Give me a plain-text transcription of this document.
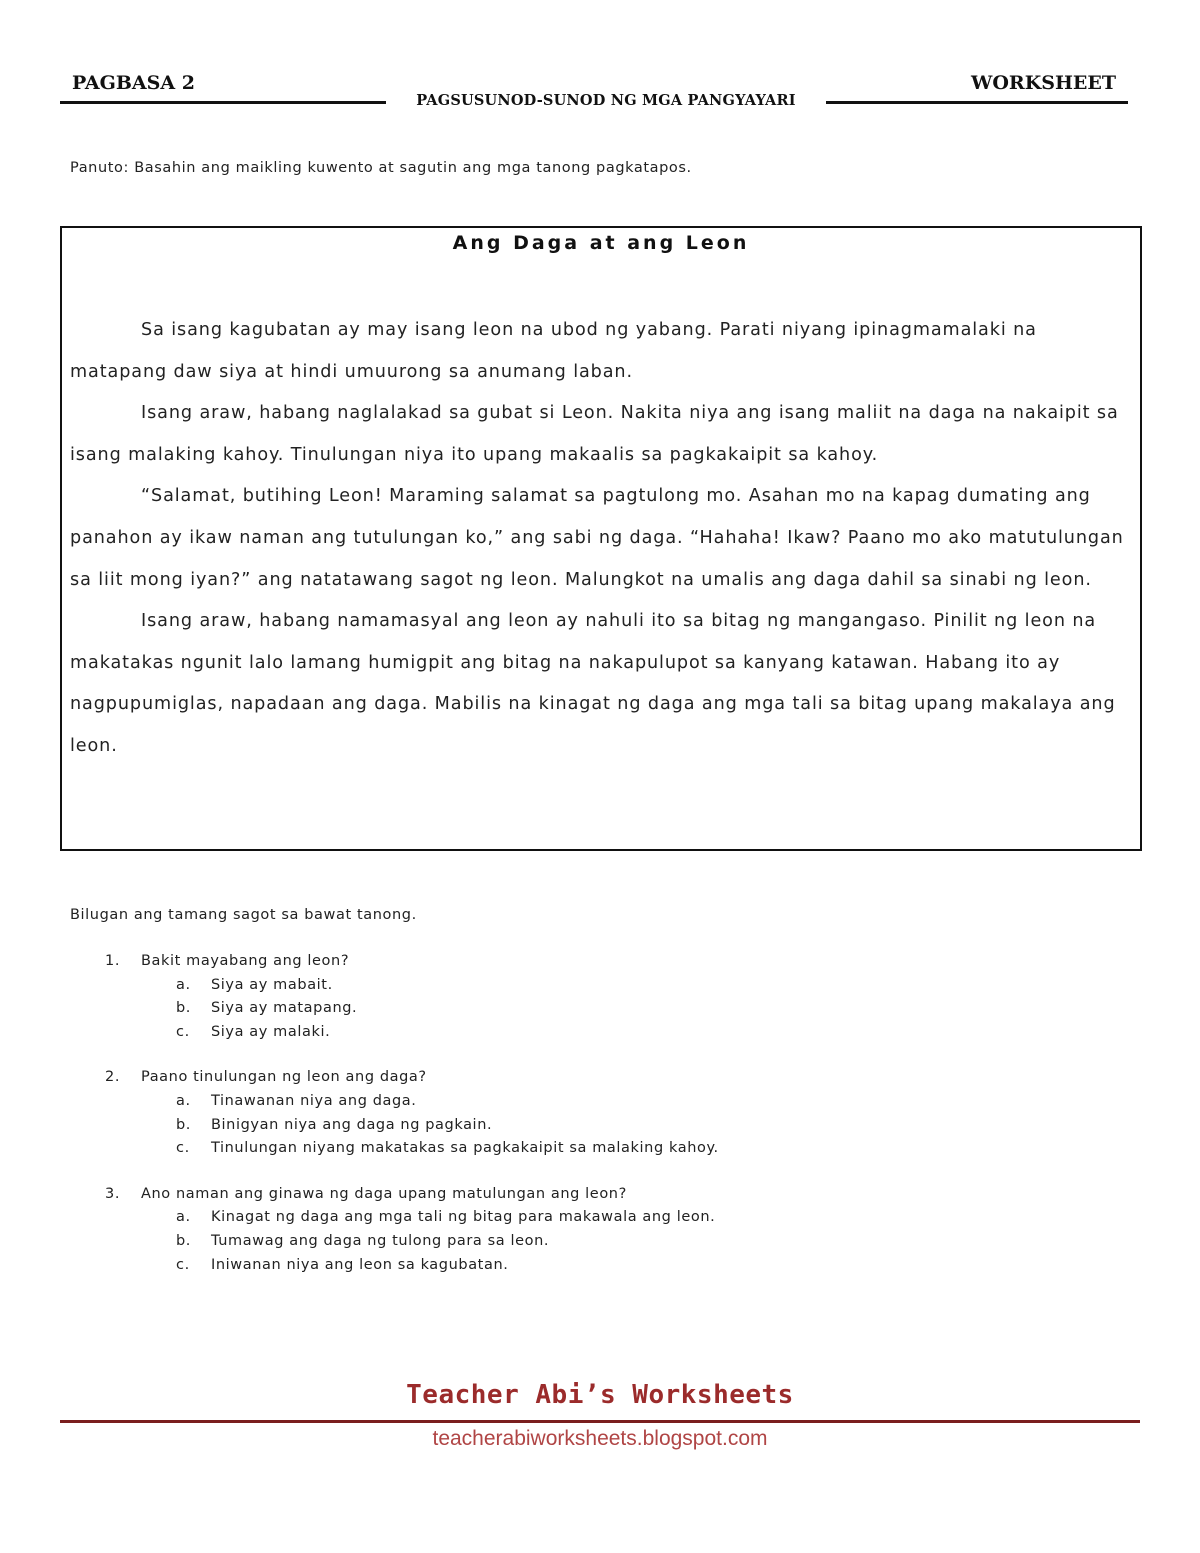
PAGBASA 2
PAGSUSUNOD-SUNOD NG MGA PANGYAYARI
WORKSHEET
Panuto: Basahin ang maikling kuwento at sagutin ang mga tanong pagkatapos.
Ang Daga at ang Leon

Sa isang kagubatan ay may isang leon na ubod ng yabang. Parati niyang ipinagmamalaki na matapang daw siya at hindi umuurong sa anumang laban.

Isang araw, habang naglalakad sa gubat si Leon. Nakita niya ang isang maliit na daga na nakaipit sa isang malaking kahoy. Tinulungan niya ito upang makaalis sa pagkakaipit sa kahoy.

“Salamat, butihing Leon! Maraming salamat sa pagtulong mo. Asahan mo na kapag dumating ang panahon ay ikaw naman ang tutulungan ko,” ang sabi ng daga. “Hahaha! Ikaw? Paano mo ako matutulungan sa liit mong iyan?” ang natatawang sagot ng leon. Malungkot na umalis ang daga dahil sa sinabi ng leon.

Isang araw, habang namamasyal ang leon ay nahuli ito sa bitag ng mangangaso. Pinilit ng leon na makatakas ngunit lalo lamang humigpit ang bitag na nakapulupot sa kanyang katawan. Habang ito ay nagpupumiglas, napadaan ang daga. Mabilis na kinagat ng daga ang mga tali sa bitag upang makalaya ang leon.

Bilugan ang tamang sagot sa bawat tanong.
1. Bakit mayabang ang leon?
a. Siya ay mabait.
b. Siya ay matapang.
c. Siya ay malaki.
2. Paano tinulungan ng leon ang daga?
a. Tinawanan niya ang daga.
b. Binigyan niya ang daga ng pagkain.
c. Tinulungan niyang makatakas sa pagkakaipit sa malaking kahoy.
3. Ano naman ang ginawa ng daga upang matulungan ang leon?
a. Kinagat ng daga ang mga tali ng bitag para makawala ang leon.
b. Tumawag ang daga ng tulong para sa leon.
c. Iniwanan niya ang leon sa kagubatan.
Teacher Abi’s Worksheets
teacherabiworksheets.blogspot.com
